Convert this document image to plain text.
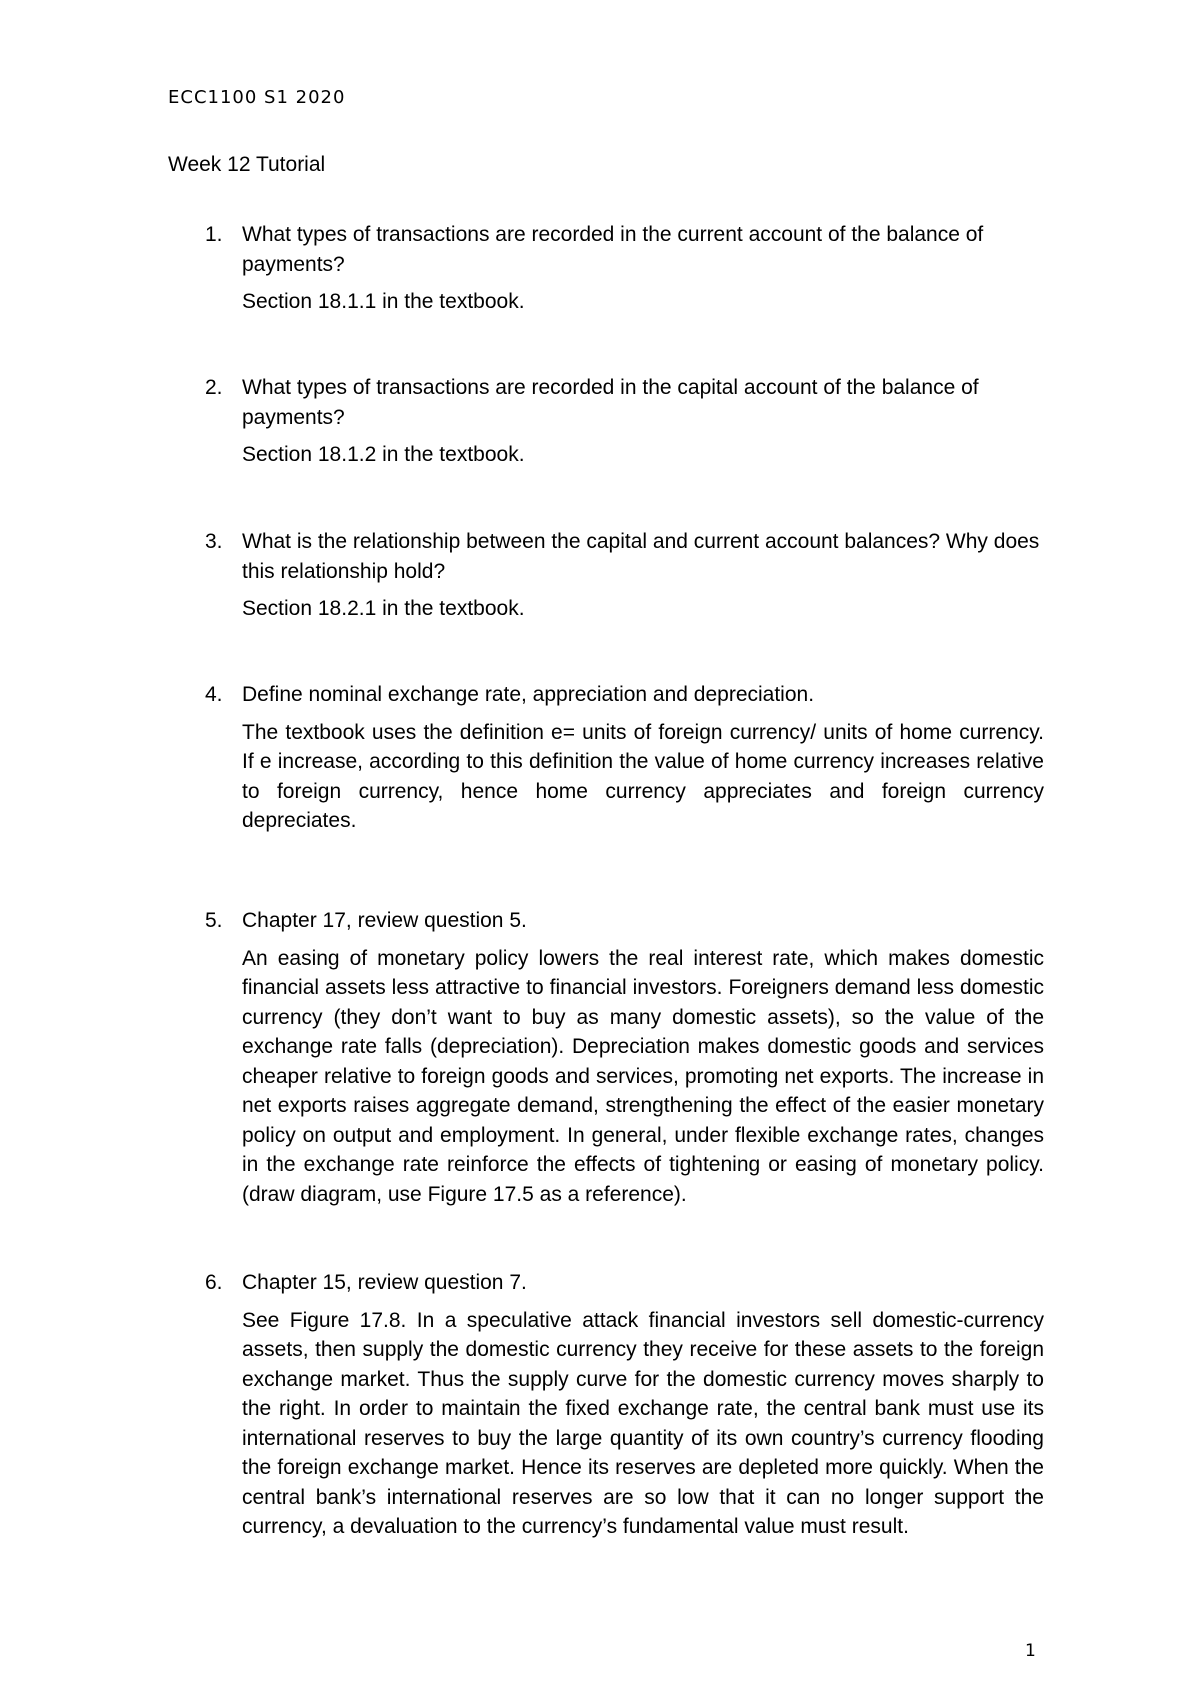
ECC1100 S1 2020
Week 12 Tutorial
1. What types of transactions are recorded in the current account of the balance of payments?

Section 18.1.1 in the textbook.
2. What types of transactions are recorded in the capital account of the balance of payments?

Section 18.1.2 in the textbook.
3. What is the relationship between the capital and current account balances? Why does this relationship hold?

Section 18.2.1 in the textbook.
4. Define nominal exchange rate, appreciation and depreciation.

The textbook uses the definition e= units of foreign currency/ units of home currency. If e increase, according to this definition the value of home currency increases relative to foreign currency, hence home currency appreciates and foreign currency depreciates.
5. Chapter 17, review question 5.

An easing of monetary policy lowers the real interest rate, which makes domestic financial assets less attractive to financial investors. Foreigners demand less domestic currency (they don’t want to buy as many domestic assets), so the value of the exchange rate falls (depreciation). Depreciation makes domestic goods and services cheaper relative to foreign goods and services, promoting net exports. The increase in net exports raises aggregate demand, strengthening the effect of the easier monetary policy on output and employment. In general, under flexible exchange rates, changes in the exchange rate reinforce the effects of tightening or easing of monetary policy. (draw diagram, use Figure 17.5 as a reference).
6. Chapter 15, review question 7.

See Figure 17.8. In a speculative attack financial investors sell domestic-currency assets, then supply the domestic currency they receive for these assets to the foreign exchange market. Thus the supply curve for the domestic currency moves sharply to the right. In order to maintain the fixed exchange rate, the central bank must use its international reserves to buy the large quantity of its own country’s currency flooding the foreign exchange market. Hence its reserves are depleted more quickly. When the central bank’s international reserves are so low that it can no longer support the currency, a devaluation to the currency’s fundamental value must result.
1
